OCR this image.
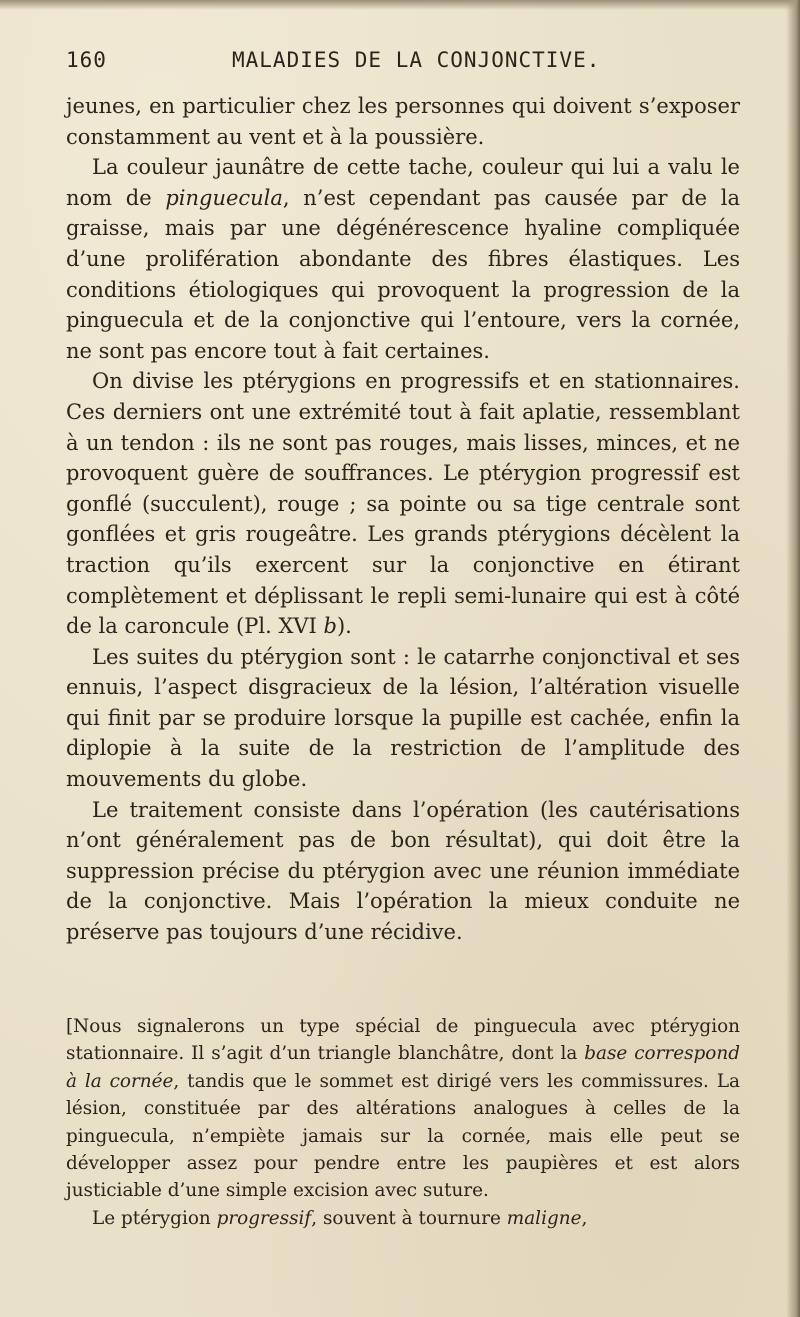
160	MALADIES DE LA CONJONCTIVE.

jeunes, en particulier chez les personnes qui doivent s’exposer constamment au vent et à la poussière.

La couleur jaunâtre de cette tache, couleur qui lui a valu le nom de pinguecula, n’est cependant pas causée par de la graisse, mais par une dégénérescence hyaline compliquée d’une prolifération abondante des fibres élastiques. Les conditions étiologiques qui provoquent la progression de la pinguecula et de la conjonctive qui l’entoure, vers la cornée, ne sont pas encore tout à fait certaines.

On divise les ptérygions en progressifs et en stationnaires. Ces derniers ont une extrémité tout à fait aplatie, ressemblant à un tendon : ils ne sont pas rouges, mais lisses, minces, et ne provoquent guère de souffrances. Le ptérygion progressif est gonflé (succulent), rouge ; sa pointe ou sa tige centrale sont gonflées et gris rougeâtre. Les grands ptérygions décèlent la traction qu’ils exercent sur la conjonctive en étirant complètement et déplissant le repli semi-lunaire qui est à côté de la caroncule (Pl. XVI b).

Les suites du ptérygion sont : le catarrhe conjonctival et ses ennuis, l’aspect disgracieux de la lésion, l’altération visuelle qui finit par se produire lorsque la pupille est cachée, enfin la diplopie à la suite de la restriction de l’amplitude des mouvements du globe.

Le traitement consiste dans l’opération (les cautérisations n’ont généralement pas de bon résultat), qui doit être la suppression précise du ptérygion avec une réunion immédiate de la conjonctive. Mais l’opération la mieux conduite ne préserve pas toujours d’une récidive.

[Nous signalerons un type spécial de pinguecula avec ptérygion stationnaire. Il s’agit d’un triangle blanchâtre, dont la base correspond à la cornée, tandis que le sommet est dirigé vers les commissures. La lésion, constituée par des altérations analogues à celles de la pinguecula, n’empiète jamais sur la cornée, mais elle peut se développer assez pour pendre entre les paupières et est alors justiciable d’une simple excision avec suture.

Le ptérygion progressif, souvent à tournure maligne,
